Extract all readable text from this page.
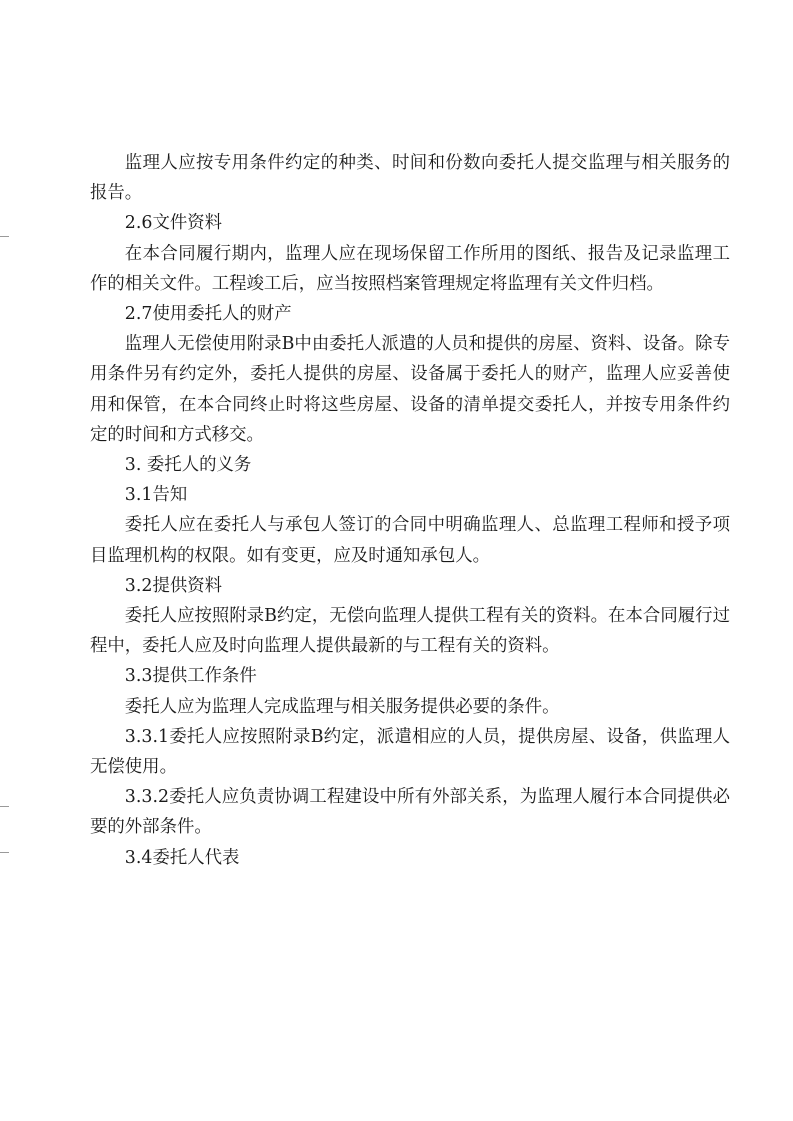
监理人应按专用条件约定的种类、时间和份数向委托人提交监理与相关服务的报告。

2.6文件资料

在本合同履行期内，监理人应在现场保留工作所用的图纸、报告及记录监理工作的相关文件。工程竣工后，应当按照档案管理规定将监理有关文件归档。

2.7使用委托人的财产

监理人无偿使用附录B中由委托人派遣的人员和提供的房屋、资料、设备。除专用条件另有约定外，委托人提供的房屋、设备属于委托人的财产，监理人应妥善使用和保管，在本合同终止时将这些房屋、设备的清单提交委托人，并按专用条件约定的时间和方式移交。

3. 委托人的义务

3.1告知

委托人应在委托人与承包人签订的合同中明确监理人、总监理工程师和授予项目监理机构的权限。如有变更，应及时通知承包人。

3.2提供资料

委托人应按照附录B约定，无偿向监理人提供工程有关的资料。在本合同履行过程中，委托人应及时向监理人提供最新的与工程有关的资料。

3.3提供工作条件

委托人应为监理人完成监理与相关服务提供必要的条件。

3.3.1委托人应按照附录B约定，派遣相应的人员，提供房屋、设备，供监理人无偿使用。

3.3.2委托人应负责协调工程建设中所有外部关系，为监理人履行本合同提供必要的外部条件。

3.4委托人代表
